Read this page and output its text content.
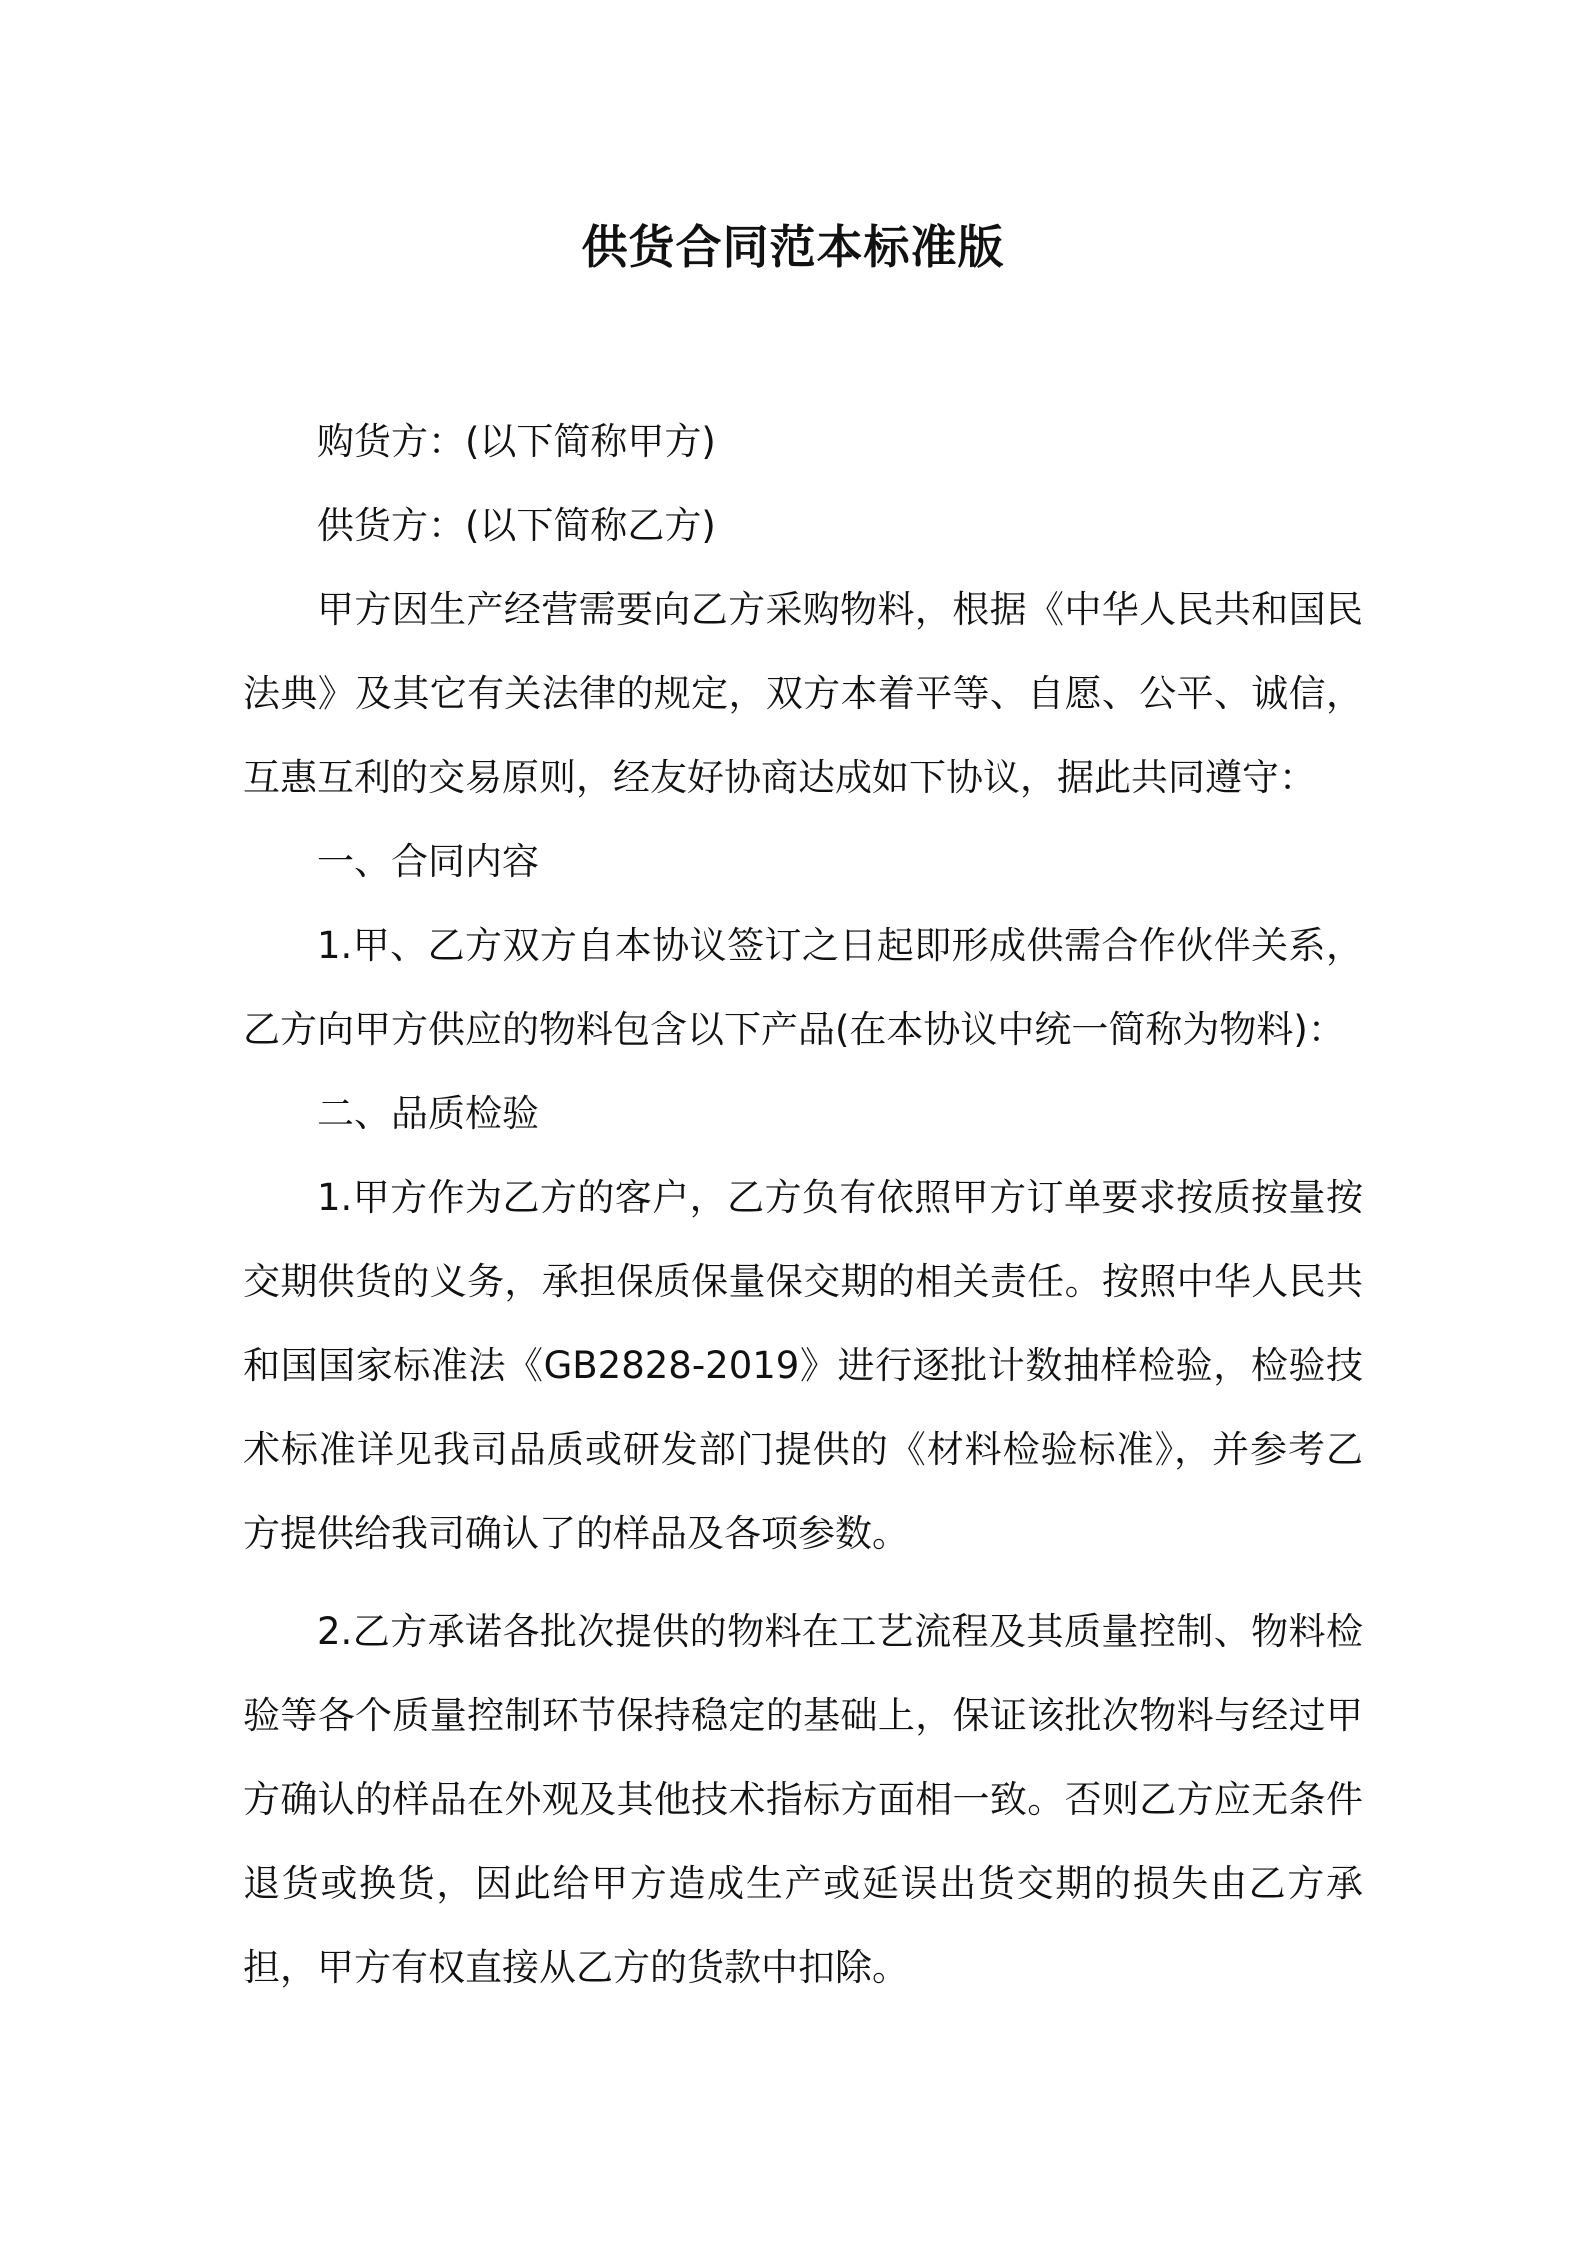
供货合同范本标准版

购货方：(以下简称甲方)

供货方：(以下简称乙方)

甲方因生产经营需要向乙方采购物料，根据《中华人民共和国民法典》及其它有关法律的规定，双方本着平等、自愿、公平、诚信，互惠互利的交易原则，经友好协商达成如下协议，据此共同遵守：

一、合同内容

1.甲、乙方双方自本协议签订之日起即形成供需合作伙伴关系，乙方向甲方供应的物料包含以下产品(在本协议中统一简称为物料)：

二、品质检验

1.甲方作为乙方的客户，乙方负有依照甲方订单要求按质按量按交期供货的义务，承担保质保量保交期的相关责任。按照中华人民共和国国家标准法《GB2828-2019》进行逐批计数抽样检验，检验技术标准详见我司品质或研发部门提供的《材料检验标准》，并参考乙方提供给我司确认了的样品及各项参数。

2.乙方承诺各批次提供的物料在工艺流程及其质量控制、物料检验等各个质量控制环节保持稳定的基础上，保证该批次物料与经过甲方确认的样品在外观及其他技术指标方面相一致。否则乙方应无条件退货或换货，因此给甲方造成生产或延误出货交期的损失由乙方承担，甲方有权直接从乙方的货款中扣除。
